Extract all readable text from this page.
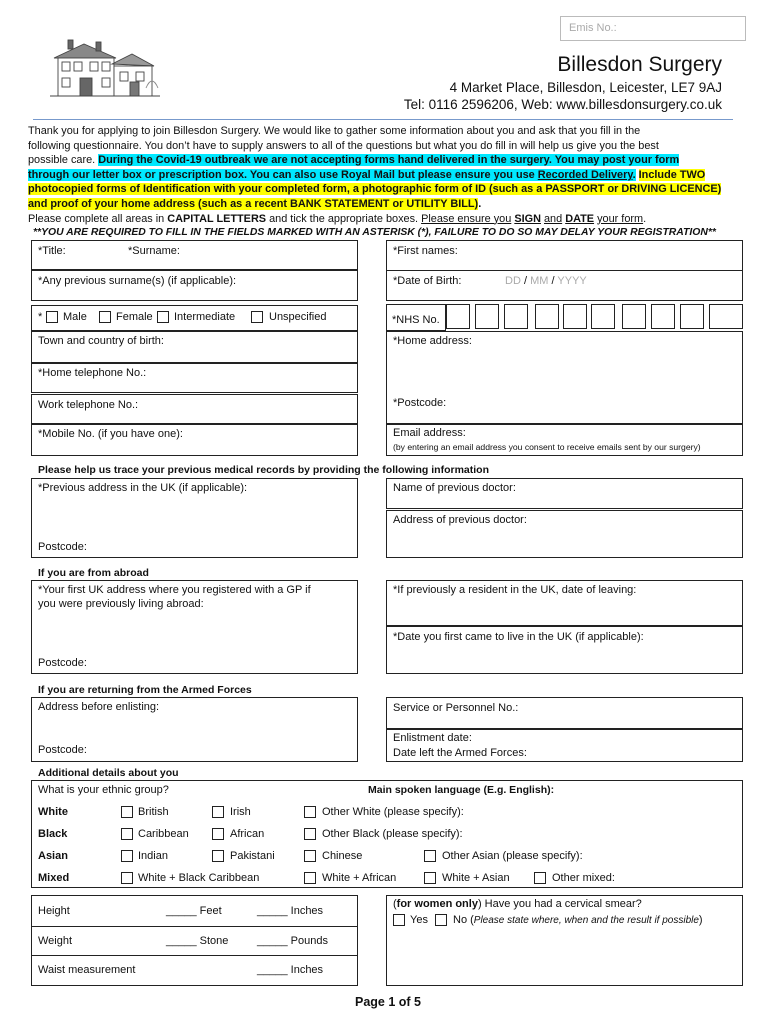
Emis No.:
Billesdon Surgery
4 Market Place, Billesdon, Leicester, LE7 9AJ
Tel: 0116 2596206, Web: www.billesdonsurgery.co.uk
Thank you for applying to join Billesdon Surgery. We would like to gather some information about you and ask that you fill in the
following questionnaire. You don’t have to supply answers to all of the questions but what you do fill in will help us give you the best
possible care. During the Covid-19 outbreak we are not accepting forms hand delivered in the surgery. You may post your form
through our letter box or prescription box. You can also use Royal Mail but please ensure you use Recorded Delivery. Include TWO
photocopied forms of Identification with your completed form, a photographic form of ID (such as a PASSPORT or DRIVING LICENCE)
and proof of your home address (such as a recent BANK STATEMENT or UTILITY BILL).
Please complete all areas in CAPITAL LETTERS and tick the appropriate boxes. Please ensure you SIGN and DATE your form.
**YOU ARE REQUIRED TO FILL IN THE FIELDS MARKED WITH AN ASTERISK (*), FAILURE TO DO SO MAY DELAY YOUR REGISTRATION**
*Title:	*Surname:
*Any previous surname(s) (if applicable):
* Male	Female Intermediate	Unspecified
Town and country of birth:
*Home telephone No.:
Work telephone No.:
*Mobile No. (if you have one):
*First names:
*Date of Birth:	DD / MM / YYYY
*NHS No.
*Home address:
*Postcode:
Email address:
(by entering an email address you consent to receive emails sent by our surgery)
Please help us trace your previous medical records by providing the following information
*Previous address in the UK (if applicable):
Postcode:
Name of previous doctor:
Address of previous doctor:
If you are from abroad
*Your first UK address where you registered with a GP if
you were previously living abroad:
Postcode:
*If previously a resident in the UK, date of leaving:
*Date you first came to live in the UK (if applicable):
If you are returning from the Armed Forces
Address before enlisting:
Postcode:
Service or Personnel No.:
Enlistment date:
Date left the Armed Forces:
Additional details about you
What is your ethnic group?	Main spoken language (E.g. English):
White	British	Irish	Other White (please specify):
Black	Caribbean	African	Other Black (please specify):
Asian	Indian	Pakistani	Chinese	Other Asian (please specify):
Mixed	White + Black Caribbean	White + African	White + Asian	Other mixed:
Height	_____ Feet	_____ Inches
Weight	_____ Stone	_____ Pounds
Waist measurement	_____ Inches
(for women only) Have you had a cervical smear?
Yes No (Please state where, when and the result if possible)
Page 1 of 5
